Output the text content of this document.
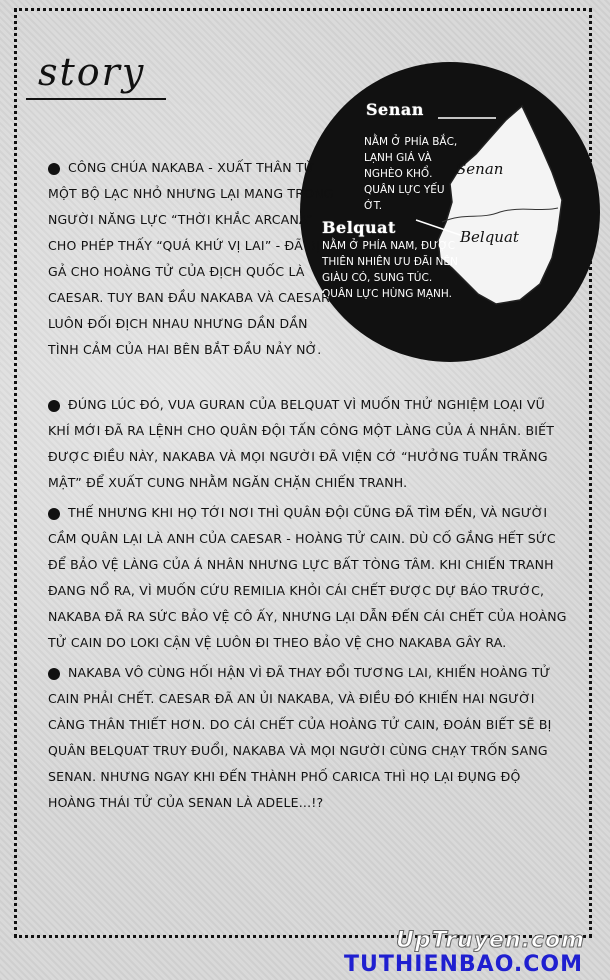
story
Senan
NẰM Ở PHÍA BẮC, LẠNH GIÁ VÀ NGHÈO KHỔ. QUÂN LỰC YẾU ỚT.
Senan
Belquat
NẰM Ở PHÍA NAM, ĐƯỢC THIÊN NHIÊN ƯU ĐÃI NÊN GIÀU CÓ, SUNG TÚC. QUÂN LỰC HÙNG MẠNH.
Belquat
CÔNG CHÚA NAKABA - XUẤT THÂN TỪ MỘT BỘ LẠC NHỎ NHƯNG LẠI MANG TRONG NGƯỜI NĂNG LỰC “THỜI KHẮC ARCANA” CHO PHÉP THẤY “QUÁ KHỨ VỊ LAI” - ĐÃ BỊ GẢ CHO HOÀNG TỬ CỦA ĐỊCH QUỐC LÀ CAESAR. TUY BAN ĐẦU NAKABA VÀ CAESAR LUÔN ĐỐI ĐỊCH NHAU NHƯNG DẦN DẦN TÌNH CẢM CỦA HAI BÊN BẮT ĐẦU NẢY NỞ.
ĐÚNG LÚC ĐÓ, VUA GURAN CỦA BELQUAT VÌ MUỐN THỬ NGHIỆM LOẠI VŨ KHÍ MỚI ĐÃ RA LỆNH CHO QUÂN ĐỘI TẤN CÔNG MỘT LÀNG CỦA Á NHÂN. BIẾT ĐƯỢC ĐIỀU NÀY, NAKABA VÀ MỌI NGƯỜI ĐÃ VIỆN CỚ “HƯỞNG TUẦN TRĂNG MẬT” ĐỂ XUẤT CUNG NHẰM NGĂN CHẶN CHIẾN TRANH.
THẾ NHƯNG KHI HỌ TỚI NƠI THÌ QUÂN ĐỘI CŨNG ĐÃ TÌM ĐẾN, VÀ NGƯỜI CẦM QUÂN LẠI LÀ ANH CỦA CAESAR - HOÀNG TỬ CAIN. DÙ CỐ GẮNG HẾT SỨC ĐỂ BẢO VỆ LÀNG CỦA Á NHÂN NHƯNG LỰC BẤT TÒNG TÂM. KHI CHIẾN TRANH ĐANG NỔ RA, VÌ MUỐN CỨU REMILIA KHỎI CÁI CHẾT ĐƯỢC DỰ BÁO TRƯỚC, NAKABA ĐÃ RA SỨC BẢO VỆ CÔ ẤY, NHƯNG LẠI DẪN ĐẾN CÁI CHẾT CỦA HOÀNG TỬ CAIN DO LOKI CẬN VỆ LUÔN ĐI THEO BẢO VỆ CHO NAKABA GÂY RA.
NAKABA VÔ CÙNG HỐI HẬN VÌ ĐÃ THAY ĐỔI TƯƠNG LAI, KHIẾN HOÀNG TỬ CAIN PHẢI CHẾT. CAESAR ĐÃ AN ỦI NAKABA, VÀ ĐIỀU ĐÓ KHIẾN HAI NGƯỜI CÀNG THÂN THIẾT HƠN. DO CÁI CHẾT CỦA HOÀNG TỬ CAIN, ĐOÁN BIẾT SẼ BỊ QUÂN BELQUAT TRUY ĐUỔI, NAKABA VÀ MỌI NGƯỜI CÙNG CHẠY TRỐN SANG SENAN. NHƯNG NGAY KHI ĐẾN THÀNH PHỐ CARICA THÌ HỌ LẠI ĐỤNG ĐỘ HOÀNG THÁI TỬ CỦA SENAN LÀ ADELE...!?
UpTruyen.com
TUTHIENBAO.COM
